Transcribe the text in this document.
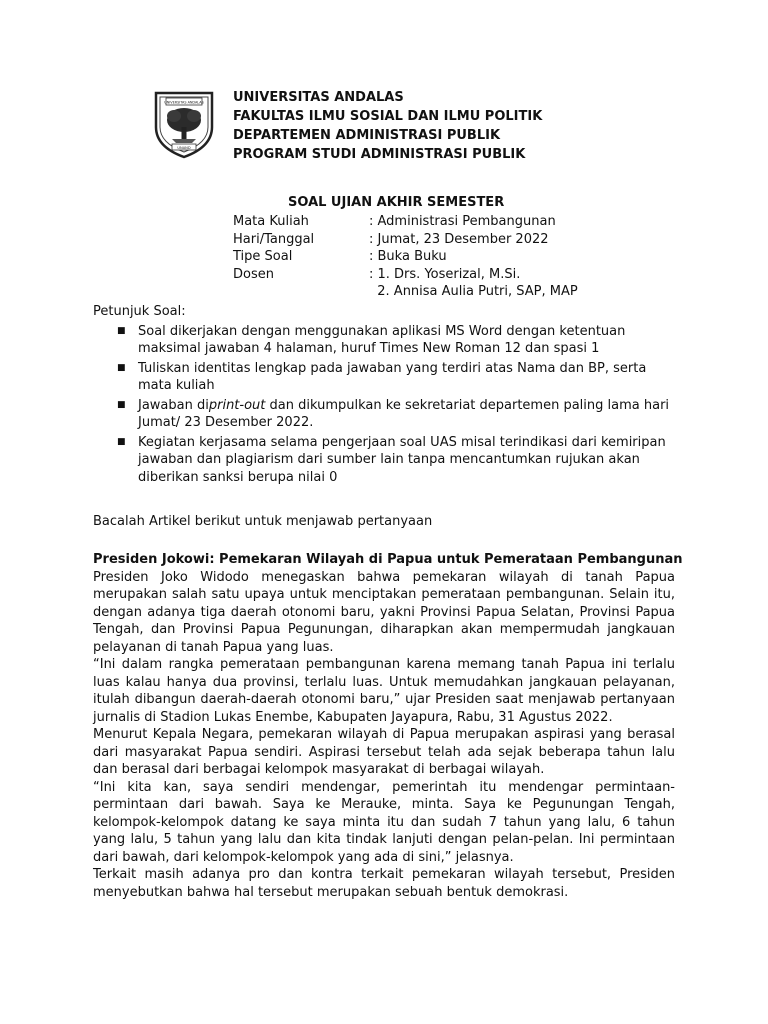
UNIVERSITAS ANDALAS
UNAND
UNIVERSITAS ANDALAS
FAKULTAS ILMU SOSIAL DAN ILMU POLITIK
DEPARTEMEN ADMINISTRASI PUBLIK
PROGRAM STUDI ADMINISTRASI PUBLIK
SOAL UJIAN AKHIR SEMESTER
Mata Kuliah	: Administrasi Pembangunan
Hari/Tanggal	: Jumat, 23 Desember 2022
Tipe Soal	: Buka Buku
Dosen	: 1. Drs. Yoserizal, M.Si.
2. Annisa Aulia Putri, SAP, MAP
Petunjuk Soal:
■ Soal dikerjakan dengan menggunakan aplikasi MS Word dengan ketentuan maksimal jawaban 4 halaman, huruf Times New Roman 12 dan spasi 1
■ Tuliskan identitas lengkap pada jawaban yang terdiri atas Nama dan BP, serta mata kuliah
■ Jawaban diprint-out dan dikumpulkan ke sekretariat departemen paling lama hari Jumat/ 23 Desember 2022.
■ Kegiatan kerjasama selama pengerjaan soal UAS misal terindikasi dari kemiripan jawaban dan plagiarism dari sumber lain tanpa mencantumkan rujukan akan diberikan sanksi berupa nilai 0
Bacalah Artikel berikut untuk menjawab pertanyaan
Presiden Jokowi: Pemekaran Wilayah di Papua untuk Pemerataan Pembangunan

Presiden Joko Widodo menegaskan bahwa pemekaran wilayah di tanah Papua merupakan salah satu upaya untuk menciptakan pemerataan pembangunan. Selain itu, dengan adanya tiga daerah otonomi baru, yakni Provinsi Papua Selatan, Provinsi Papua Tengah, dan Provinsi Papua Pegunungan, diharapkan akan mempermudah jangkauan pelayanan di tanah Papua yang luas.

“Ini dalam rangka pemerataan pembangunan karena memang tanah Papua ini terlalu luas kalau hanya dua provinsi, terlalu luas. Untuk memudahkan jangkauan pelayanan, itulah dibangun daerah-daerah otonomi baru,” ujar Presiden saat menjawab pertanyaan jurnalis di Stadion Lukas Enembe, Kabupaten Jayapura, Rabu, 31 Agustus 2022.

Menurut Kepala Negara, pemekaran wilayah di Papua merupakan aspirasi yang berasal dari masyarakat Papua sendiri. Aspirasi tersebut telah ada sejak beberapa tahun lalu dan berasal dari berbagai kelompok masyarakat di berbagai wilayah.

“Ini kita kan, saya sendiri mendengar, pemerintah itu mendengar permintaan-permintaan dari bawah. Saya ke Merauke, minta. Saya ke Pegunungan Tengah, kelompok-kelompok datang ke saya minta itu dan sudah 7 tahun yang lalu, 6 tahun yang lalu, 5 tahun yang lalu dan kita tindak lanjuti dengan pelan-pelan. Ini permintaan dari bawah, dari kelompok-kelompok yang ada di sini,” jelasnya.

Terkait masih adanya pro dan kontra terkait pemekaran wilayah tersebut, Presiden menyebutkan bahwa hal tersebut merupakan sebuah bentuk demokrasi.
